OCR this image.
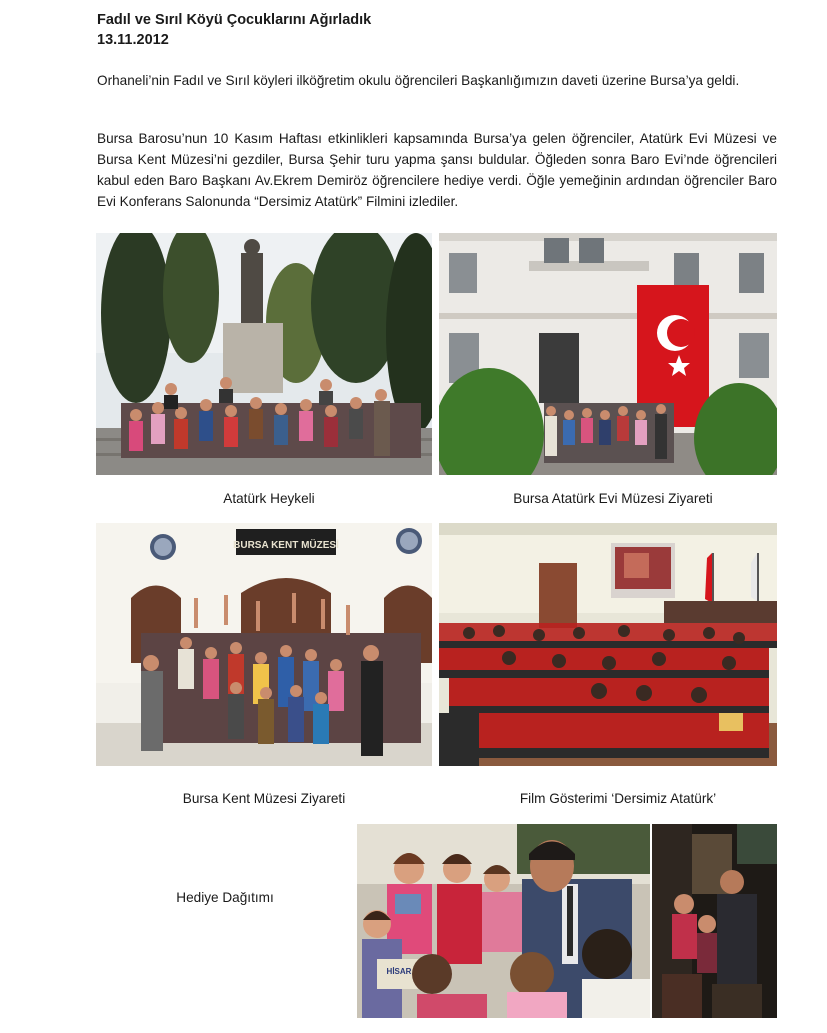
Fadıl ve Sırıl Köyü Çocuklarını Ağırladık
13.11.2012
Orhaneli’nin Fadıl ve Sırıl köyleri ilköğretim okulu öğrencileri Başkanlığımızın daveti üzerine Bursa’ya geldi.
Bursa Barosu’nun 10 Kasım Haftası etkinlikleri kapsamında Bursa’ya gelen öğrenciler, Atatürk Evi Müzesi ve Bursa Kent Müzesi’ni gezdiler, Bursa Şehir turu yapma şansı buldular. Öğleden sonra Baro Evi’nde öğrencileri kabul eden Baro Başkanı Av.Ekrem Demiröz öğrencilere hediye verdi. Öğle yemeğinin ardından öğrenciler Baro Evi Konferans Salonunda “Dersimiz Atatürk” Filmini izlediler.
Atatürk Heykeli	Bursa Atatürk Evi Müzesi Ziyareti
BURSA KENT MÜZESİ
Bursa Kent Müzesi Ziyareti	Film Gösterimi ‘Dersimiz Atatürk’
Hediye Dağıtımı
HİSAR
